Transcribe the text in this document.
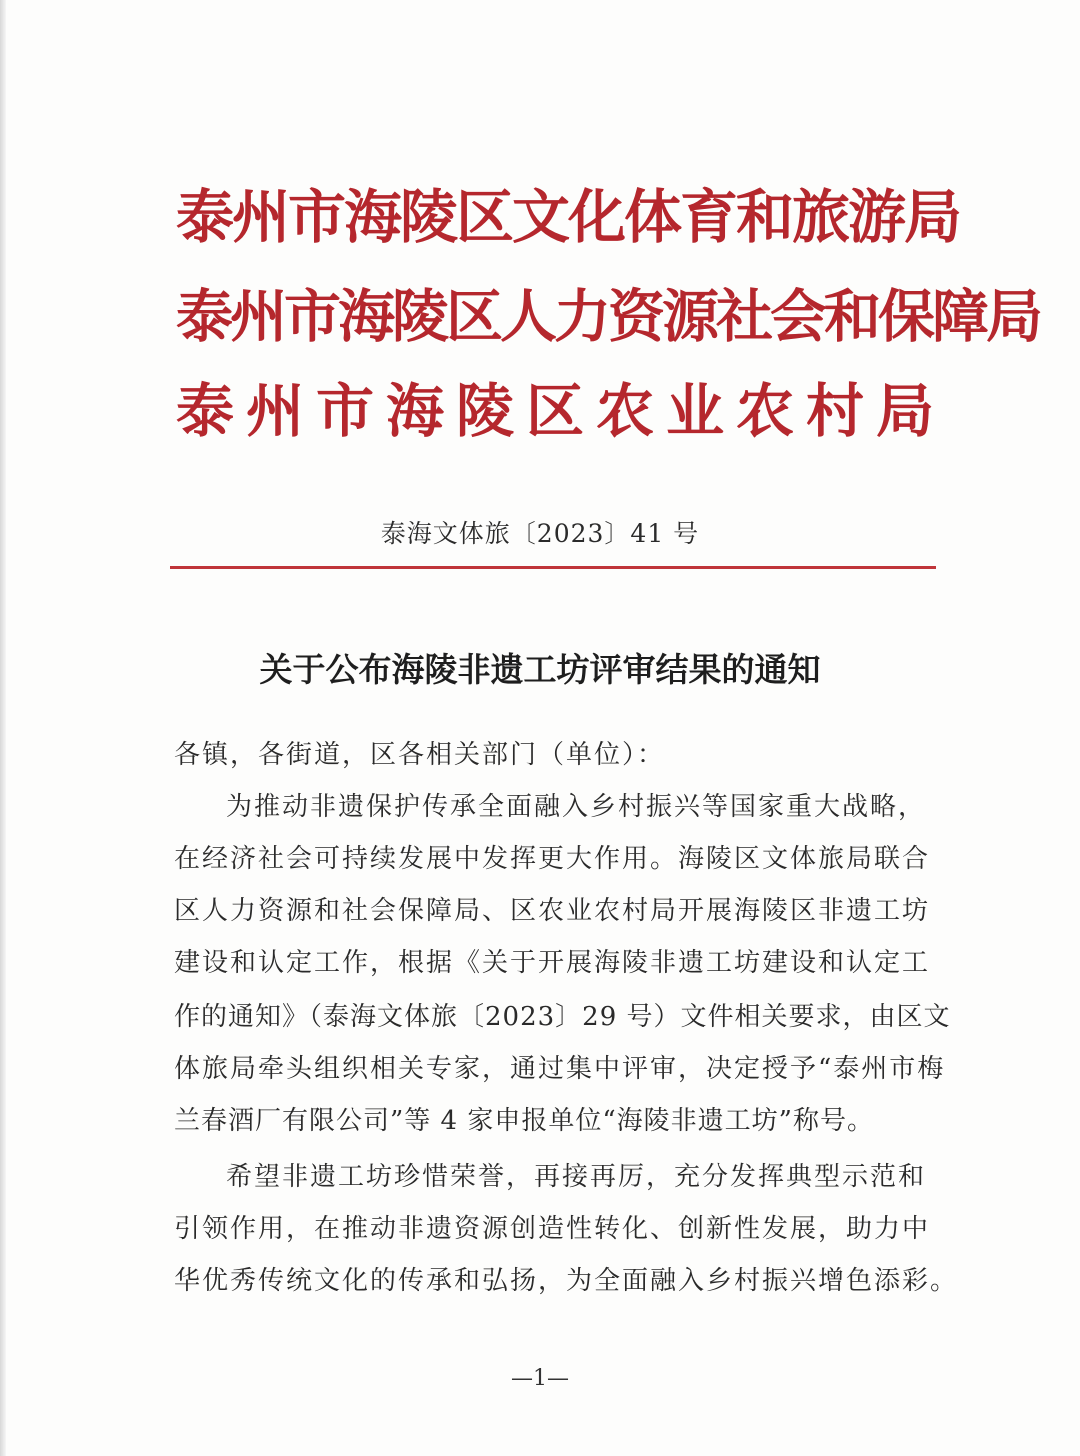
泰州市海陵区文化体育和旅游局
泰州市海陵区人力资源社会和保障局
泰州市海陵区农业农村局
泰海文体旅〔2023〕41 号
关于公布海陵非遗工坊评审结果的通知
各镇，各街道，区各相关部门（单位）：
为推动非遗保护传承全面融入乡村振兴等国家重大战略，
在经济社会可持续发展中发挥更大作用。海陵区文体旅局联合
区人力资源和社会保障局、区农业农村局开展海陵区非遗工坊
建设和认定工作，根据《关于开展海陵非遗工坊建设和认定工
作的通知》（泰海文体旅〔2023〕29 号）文件相关要求，由区文
体旅局牵头组织相关专家，通过集中评审，决定授予“泰州市梅
兰春酒厂有限公司”等 4 家申报单位“海陵非遗工坊”称号。
希望非遗工坊珍惜荣誉，再接再厉，充分发挥典型示范和
引领作用，在推动非遗资源创造性转化、创新性发展，助力中
华优秀传统文化的传承和弘扬，为全面融入乡村振兴增色添彩。
—1—
